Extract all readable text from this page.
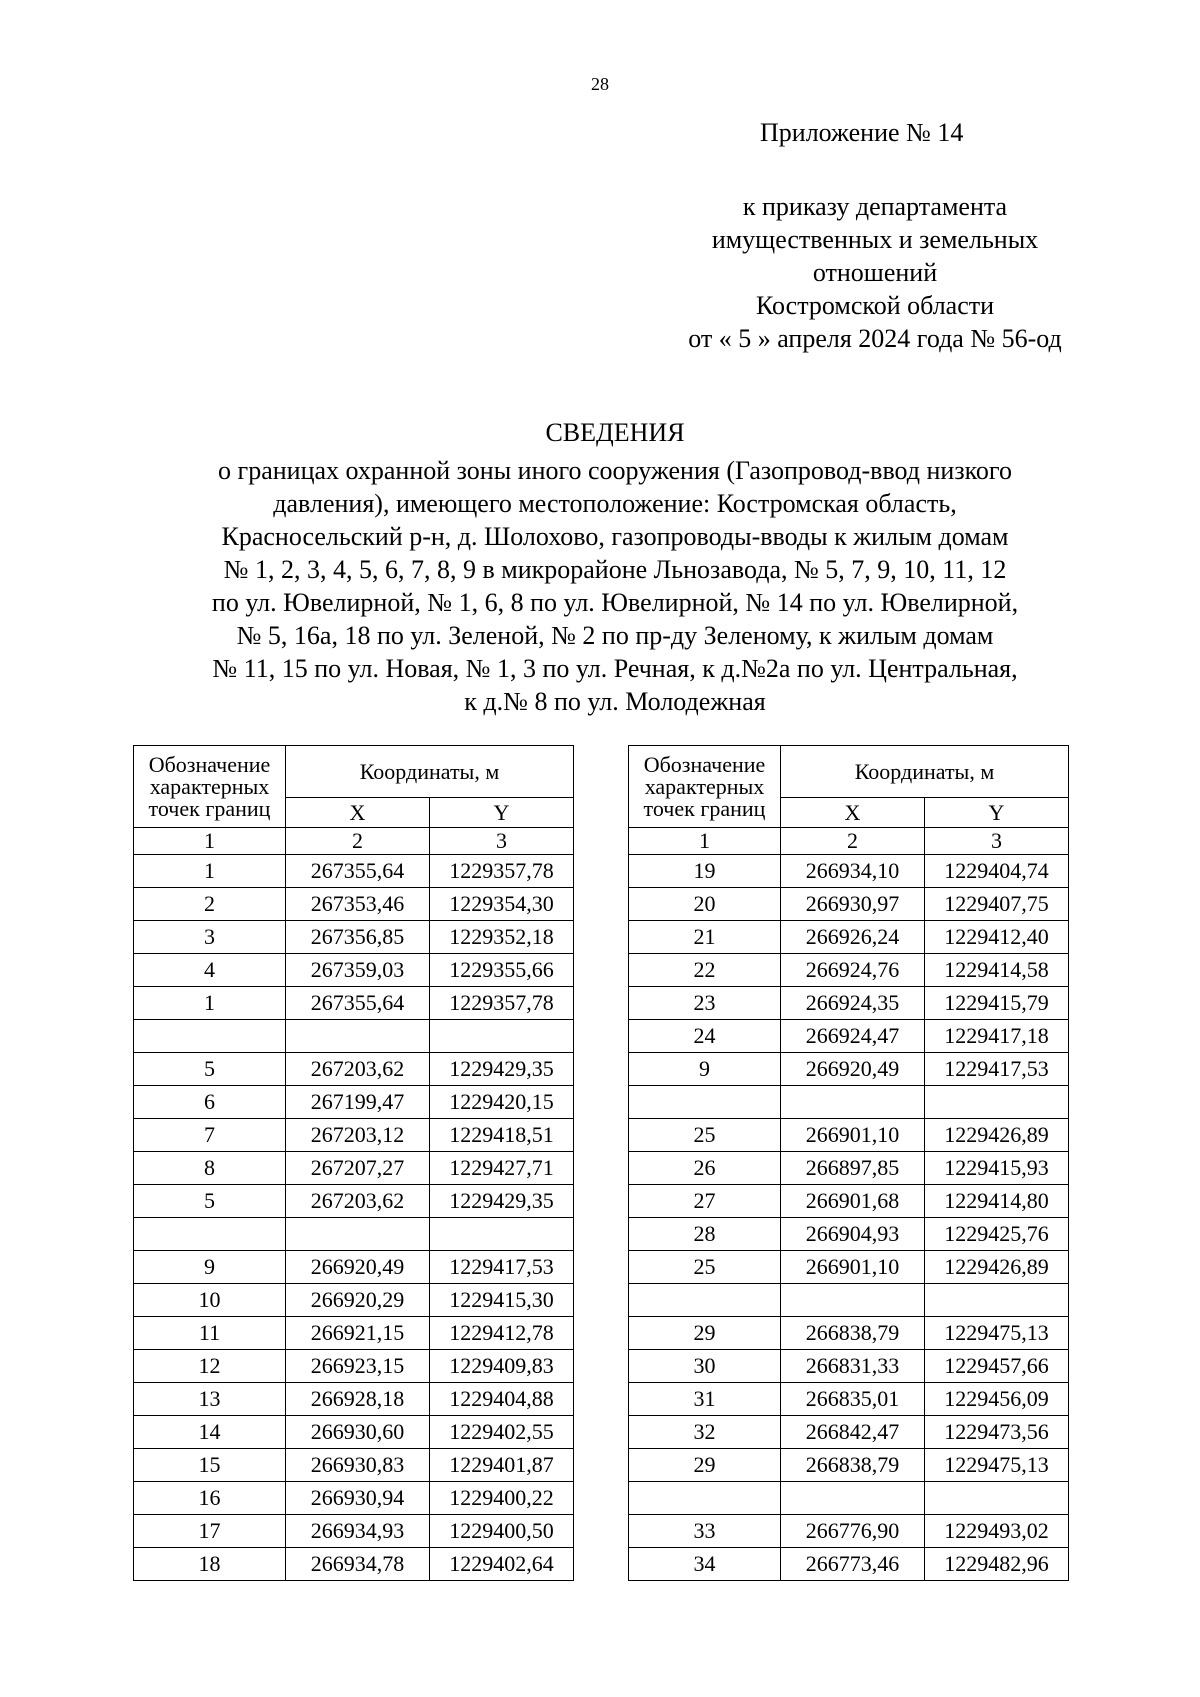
28
Приложение № 14
к приказу департамента
имущественных и земельных
отношений
Костромской области
от « 5 » апреля 2024 года № 56-од
СВЕДЕНИЯ
о границах охранной зоны иного сооружения (Газопровод-ввод низкого
давления), имеющего местоположение: Костромская область,
Красносельский р-н, д. Шолохово, газопроводы-вводы к жилым домам
№ 1, 2, 3, 4, 5, 6, 7, 8, 9 в микрорайоне Льнозавода, № 5, 7, 9, 10, 11, 12
по ул. Ювелирной, № 1, 6, 8 по ул. Ювелирной, № 14 по ул. Ювелирной,
№ 5, 16а, 18 по ул. Зеленой, № 2 по пр-ду Зеленому, к жилым домам
№ 11, 15 по ул. Новая, № 1, 3 по ул. Речная, к д.№2а по ул. Центральная,
к д.№ 8 по ул. Молодежная
Обозначение
характерных
точек границ	Координаты, м	
	X	Y
1	2	3
1	267355,64	1229357,78
2	267353,46	1229354,30
3	267356,85	1229352,18
4	267359,03	1229355,66
1	267355,64	1229357,78

5	267203,62	1229429,35
6	267199,47	1229420,15
7	267203,12	1229418,51
8	267207,27	1229427,71
5	267203,62	1229429,35

9	266920,49	1229417,53
10	266920,29	1229415,30
11	266921,15	1229412,78
12	266923,15	1229409,83
13	266928,18	1229404,88
14	266930,60	1229402,55
15	266930,83	1229401,87
16	266930,94	1229400,22
17	266934,93	1229400,50
18	266934,78	1229402,64
Обозначение
характерных
точек границ	Координаты, м	
	X	Y
1	2	3
19	266934,10	1229404,74
20	266930,97	1229407,75
21	266926,24	1229412,40
22	266924,76	1229414,58
23	266924,35	1229415,79
24	266924,47	1229417,18
9	266920,49	1229417,53

25	266901,10	1229426,89
26	266897,85	1229415,93
27	266901,68	1229414,80
28	266904,93	1229425,76
25	266901,10	1229426,89

29	266838,79	1229475,13
30	266831,33	1229457,66
31	266835,01	1229456,09
32	266842,47	1229473,56
29	266838,79	1229475,13

33	266776,90	1229493,02
34	266773,46	1229482,96
